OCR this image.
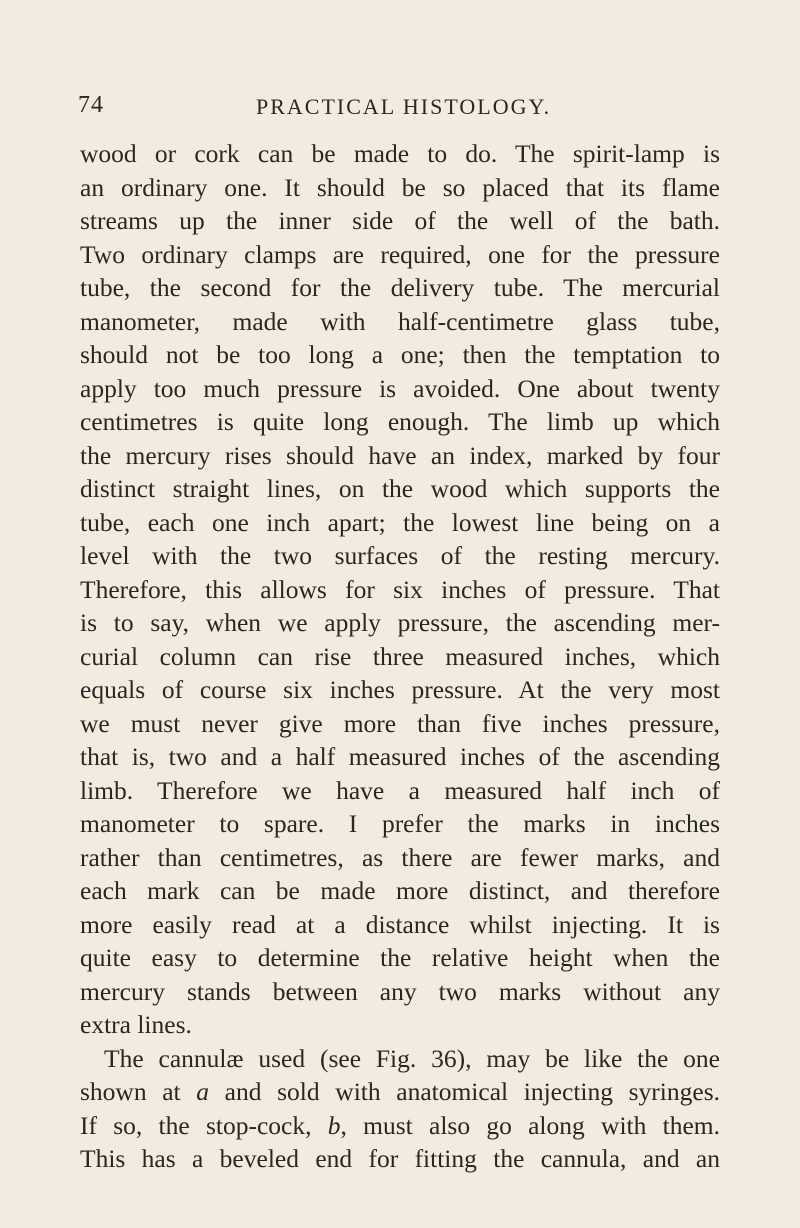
74	PRACTICAL HISTOLOGY.
wood or cork can be made to do. The spirit-lamp is
an ordinary one. It should be so placed that its flame
streams up the inner side of the well of the bath.
Two ordinary clamps are required, one for the pressure
tube, the second for the delivery tube. The mercurial
manometer, made with half-centimetre glass tube,
should not be too long a one; then the temptation to
apply too much pressure is avoided. One about twenty
centimetres is quite long enough. The limb up which
the mercury rises should have an index, marked by four
distinct straight lines, on the wood which supports the
tube, each one inch apart; the lowest line being on a
level with the two surfaces of the resting mercury.
Therefore, this allows for six inches of pressure. That
is to say, when we apply pressure, the ascending mer-
curial column can rise three measured inches, which
equals of course six inches pressure. At the very most
we must never give more than five inches pressure,
that is, two and a half measured inches of the ascending
limb. Therefore we have a measured half inch of
manometer to spare. I prefer the marks in inches
rather than centimetres, as there are fewer marks, and
each mark can be made more distinct, and therefore
more easily read at a distance whilst injecting. It is
quite easy to determine the relative height when the
mercury stands between any two marks without any
extra lines.
The cannulæ used (see Fig. 36), may be like the one
shown at a and sold with anatomical injecting syringes.
If so, the stop-cock, b, must also go along with them.
This has a beveled end for fitting the cannula, and an
